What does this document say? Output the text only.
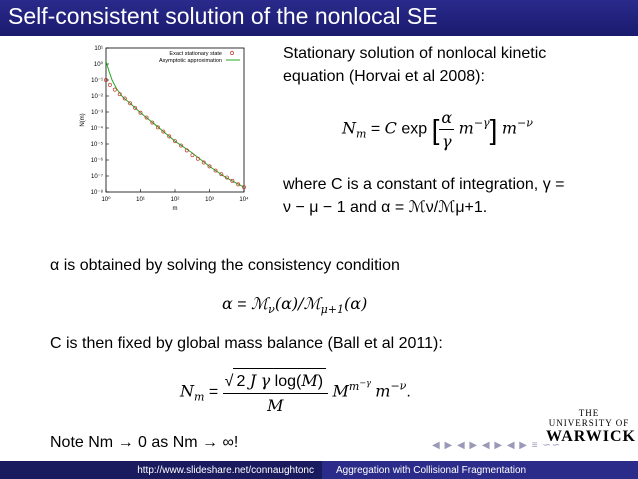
Self-consistent solution of the nonlocal SE
10⁰	10¹	10²	10³	10⁴
10¹
10⁰
10⁻¹
10⁻²
10⁻³
10⁻⁴
10⁻⁵
10⁻⁶
10⁻⁷
10⁻⁸
m
N(m)
Exact stationary state
Asymptotic approximation	Stationary solution of nonlocal kinetic
equation (Horvai et al 2008):
$N_m = C$ exp [ $\frac{\alpha}{\gamma} m^{-\gamma}$] $m^{-\nu}$
where C is a constant of integration, γ =
ν − μ − 1 and α = ℳν/ℳμ+1.
α is obtained by solving the consistency condition
α = ℳ$_\nu$(α)/ℳ$_{\mu+1}$(α)
C is then fixed by global mass balance (Ball et al 2011):
$N_m = \frac{\text{√ 2 J γ log(M)}}{M} M^{m^{-\gamma}}$ $m^{-\nu}$.
Note Nm → 0 as Nm → ∞!
THE UNIVERSITY OF
WARWICK
◀ ▶ ◀ ▶ ◀ ▶ ◀ ▶ ≡ ∽∽
http://www.slideshare.net/connaughtonc	Aggregation with Collisional Fragmentation
